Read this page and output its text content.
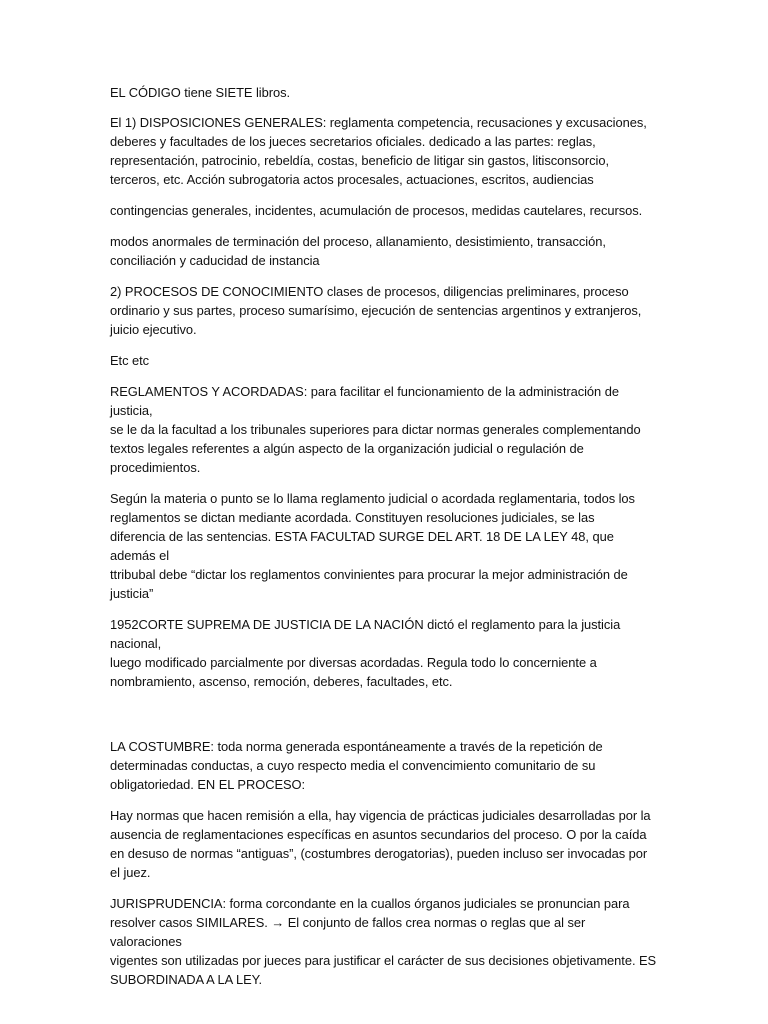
EL CÓDIGO tiene SIETE libros.

El 1) DISPOSICIONES GENERALES: reglamenta competencia, recusaciones y excusaciones,
deberes y facultades de los jueces secretarios oficiales. dedicado a las partes: reglas,
representación, patrocinio, rebeldía, costas, beneficio de litigar sin gastos, litisconsorcio,
terceros, etc. Acción subrogatoria actos procesales, actuaciones, escritos, audiencias

contingencias generales, incidentes, acumulación de procesos, medidas cautelares, recursos.

modos anormales de terminación del proceso, allanamiento, desistimiento, transacción,
conciliación y caducidad de instancia

2) PROCESOS DE CONOCIMIENTO clases de procesos, diligencias preliminares, proceso
ordinario y sus partes, proceso sumarísimo, ejecución de sentencias argentinos y extranjeros,
juicio ejecutivo.

Etc etc

REGLAMENTOS Y ACORDADAS: para facilitar el funcionamiento de la administración de justicia,
se le da la facultad a los tribunales superiores para dictar normas generales complementando
textos legales referentes a algún aspecto de la organización judicial o regulación de
procedimientos.

Según la materia o punto se lo llama reglamento judicial o acordada reglamentaria, todos los
reglamentos se dictan mediante acordada. Constituyen resoluciones judiciales, se las
diferencia de las sentencias. ESTA FACULTAD SURGE DEL ART. 18 DE LA LEY 48, que además el
ttribubal debe “dictar los reglamentos convinientes para procurar la mejor administración de
justicia”

1952CORTE SUPREMA DE JUSTICIA DE LA NACIÓN dictó el reglamento para la justicia nacional,
luego modificado parcialmente por diversas acordadas. Regula todo lo concerniente a
nombramiento, ascenso, remoción, deberes, facultades, etc.

LA COSTUMBRE: toda norma generada espontáneamente a través de la repetición de
determinadas conductas, a cuyo respecto media el convencimiento comunitario de su
obligatoriedad. EN EL PROCESO:

Hay normas que hacen remisión a ella, hay vigencia de prácticas judiciales desarrolladas por la
ausencia de reglamentaciones específicas en asuntos secundarios del proceso. O por la caída
en desuso de normas “antiguas”, (costumbres derogatorias), pueden incluso ser invocadas por
el juez.

JURISPRUDENCIA: forma corcondante en la cuallos órganos judiciales se pronuncian para
resolver casos SIMILARES. → El conjunto de fallos crea normas o reglas que al ser valoraciones
vigentes son utilizadas por jueces para justificar el carácter de sus decisiones objetivamente. ES
SUBORDINADA A LA LEY.
